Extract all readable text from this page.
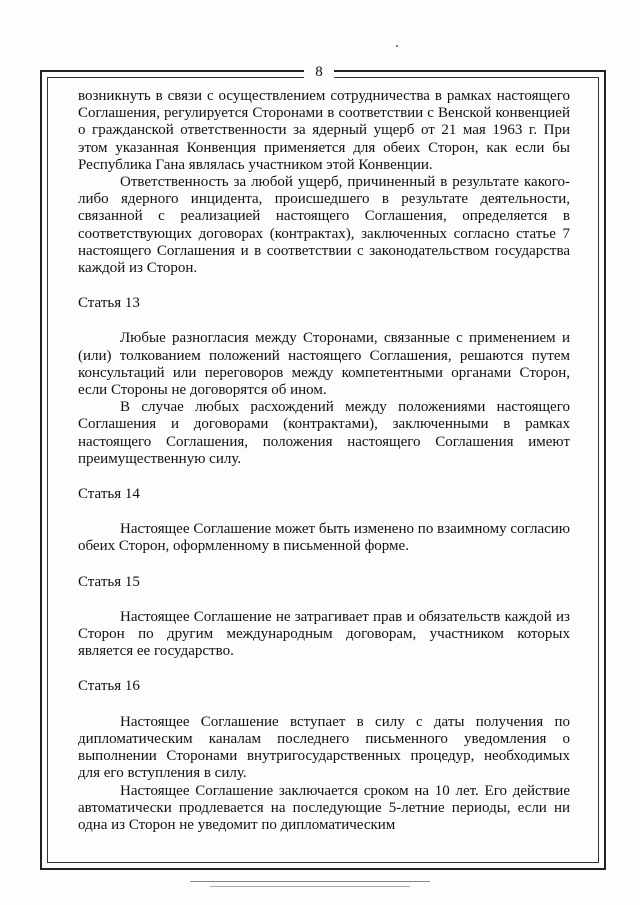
8

возникнуть в связи с осуществлением сотрудничества в рамках настоящего Соглашения, регулируется Сторонами в соответствии с Венской конвенцией о гражданской ответственности за ядерный ущерб от 21 мая 1963 г. При этом указанная Конвенция применяется для обеих Сторон, как если бы Республика Гана являлась участником этой Конвенции.

Ответственность за любой ущерб, причиненный в результате какого-либо ядерного инцидента, происшедшего в результате деятельности, связанной с реализацией настоящего Соглашения, определяется в соответствующих договорах (контрактах), заключенных согласно статье 7 настоящего Соглашения и в соответствии с законодательством государства каждой из Сторон.

Статья 13

Любые разногласия между Сторонами, связанные с применением и (или) толкованием положений настоящего Соглашения, решаются путем консультаций или переговоров между компетентными органами Сторон, если Стороны не договорятся об ином.

В случае любых расхождений между положениями настоящего Соглашения и договорами (контрактами), заключенными в рамках настоящего Соглашения, положения настоящего Соглашения имеют преимущественную силу.

Статья 14

Настоящее Соглашение может быть изменено по взаимному согласию обеих Сторон, оформленному в письменной форме.

Статья 15

Настоящее Соглашение не затрагивает прав и обязательств каждой из Сторон по другим международным договорам, участником которых является ее государство.

Статья 16

Настоящее Соглашение вступает в силу с даты получения по дипломатическим каналам последнего письменного уведомления о выполнении Сторонами внутригосударственных процедур, необходимых для его вступления в силу.

Настоящее Соглашение заключается сроком на 10 лет. Его действие автоматически продлевается на последующие 5-летние периоды, если ни одна из Сторон не уведомит по дипломатическим
